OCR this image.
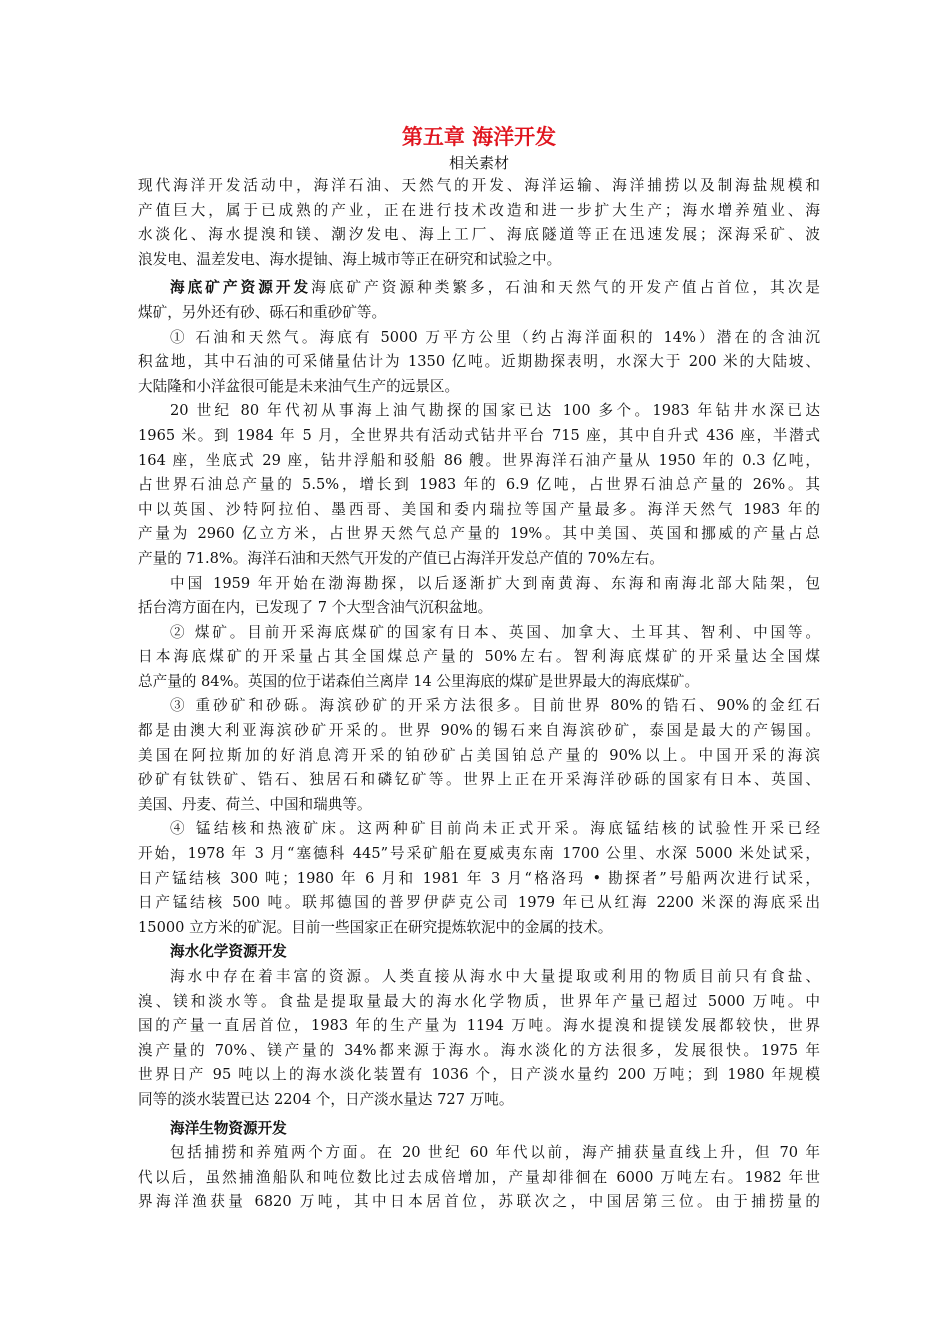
第五章 海洋开发
相关素材
现代海洋开发活动中，海洋石油、天然气的开发、海洋运输、海洋捕捞以及制海盐规模和
产值巨大，属于已成熟的产业，正在进行技术改造和进一步扩大生产；海水增养殖业、海
水淡化、海水提溴和镁、潮汐发电、海上工厂、海底隧道等正在迅速发展；深海采矿、波
浪发电、温差发电、海水提铀、海上城市等正在研究和试验之中。
海底矿产资源开发海底矿产资源种类繁多，石油和天然气的开发产值占首位，其次是
煤矿，另外还有砂、砾石和重砂矿等。
① 石油和天然气。海底有 5000 万平方公里（约占海洋面积的 14%）潜在的含油沉
积盆地，其中石油的可采储量估计为 1350 亿吨。近期勘探表明，水深大于 200 米的大陆坡、
大陆隆和小洋盆很可能是未来油气生产的远景区。
20 世纪 80 年代初从事海上油气勘探的国家已达 100 多个。1983 年钻井水深已达
1965 米。到 1984 年 5 月，全世界共有活动式钻井平台 715 座，其中自升式 436 座，半潜式
164 座，坐底式 29 座，钻井浮船和驳船 86 艘。世界海洋石油产量从 1950 年的 0.3 亿吨，
占世界石油总产量的 5.5%，增长到 1983 年的 6.9 亿吨，占世界石油总产量的 26%。其
中以英国、沙特阿拉伯、墨西哥、美国和委内瑞拉等国产量最多。海洋天然气 1983 年的
产量为 2960 亿立方米，占世界天然气总产量的 19%。其中美国、英国和挪威的产量占总
产量的 71.8%。海洋石油和天然气开发的产值已占海洋开发总产值的 70%左右。
中国 1959 年开始在渤海勘探，以后逐渐扩大到南黄海、东海和南海北部大陆架，包
括台湾方面在内，已发现了 7 个大型含油气沉积盆地。
② 煤矿。目前开采海底煤矿的国家有日本、英国、加拿大、土耳其、智利、中国等。
日本海底煤矿的开采量占其全国煤总产量的 50%左右。智利海底煤矿的开采量达全国煤
总产量的 84%。英国的位于诺森伯兰离岸 14 公里海底的煤矿是世界最大的海底煤矿。
③ 重砂矿和砂砾。海滨砂矿的开采方法很多。目前世界 80%的锆石、90%的金红石
都是由澳大利亚海滨砂矿开采的。世界 90%的锡石来自海滨砂矿，泰国是最大的产锡国。
美国在阿拉斯加的好消息湾开采的铂砂矿占美国铂总产量的 90%以上。中国开采的海滨
砂矿有钛铁矿、锆石、独居石和磷钇矿等。世界上正在开采海洋砂砾的国家有日本、英国、
美国、丹麦、荷兰、中国和瑞典等。
④ 锰结核和热液矿床。这两种矿目前尚未正式开采。海底锰结核的试验性开采已经
开始，1978 年 3 月“塞德科 445”号采矿船在夏威夷东南 1700 公里、水深 5000 米处试采，
日产锰结核 300 吨；1980 年 6 月和 1981 年 3 月“格洛玛 • 勘探者”号船两次进行试采，
日产锰结核 500 吨。联邦德国的普罗伊萨克公司 1979 年已从红海 2200 米深的海底采出
15000 立方米的矿泥。目前一些国家正在研究提炼软泥中的金属的技术。
海水化学资源开发
海水中存在着丰富的资源。人类直接从海水中大量提取或利用的物质目前只有食盐、
溴、镁和淡水等。食盐是提取量最大的海水化学物质，世界年产量已超过 5000 万吨。中
国的产量一直居首位，1983 年的生产量为 1194 万吨。海水提溴和提镁发展都较快，世界
溴产量的 70%、镁产量的 34%都来源于海水。海水淡化的方法很多，发展很快。1975 年
世界日产 95 吨以上的海水淡化装置有 1036 个，日产淡水量约 200 万吨；到 1980 年规模
同等的淡水装置已达 2204 个，日产淡水量达 727 万吨。
海洋生物资源开发
包括捕捞和养殖两个方面。在 20 世纪 60 年代以前，海产捕获量直线上升，但 70 年
代以后，虽然捕渔船队和吨位数比过去成倍增加，产量却徘徊在 6000 万吨左右。1982 年世
界海洋渔获量 6820 万吨，其中日本居首位，苏联次之，中国居第三位。由于捕捞量的
